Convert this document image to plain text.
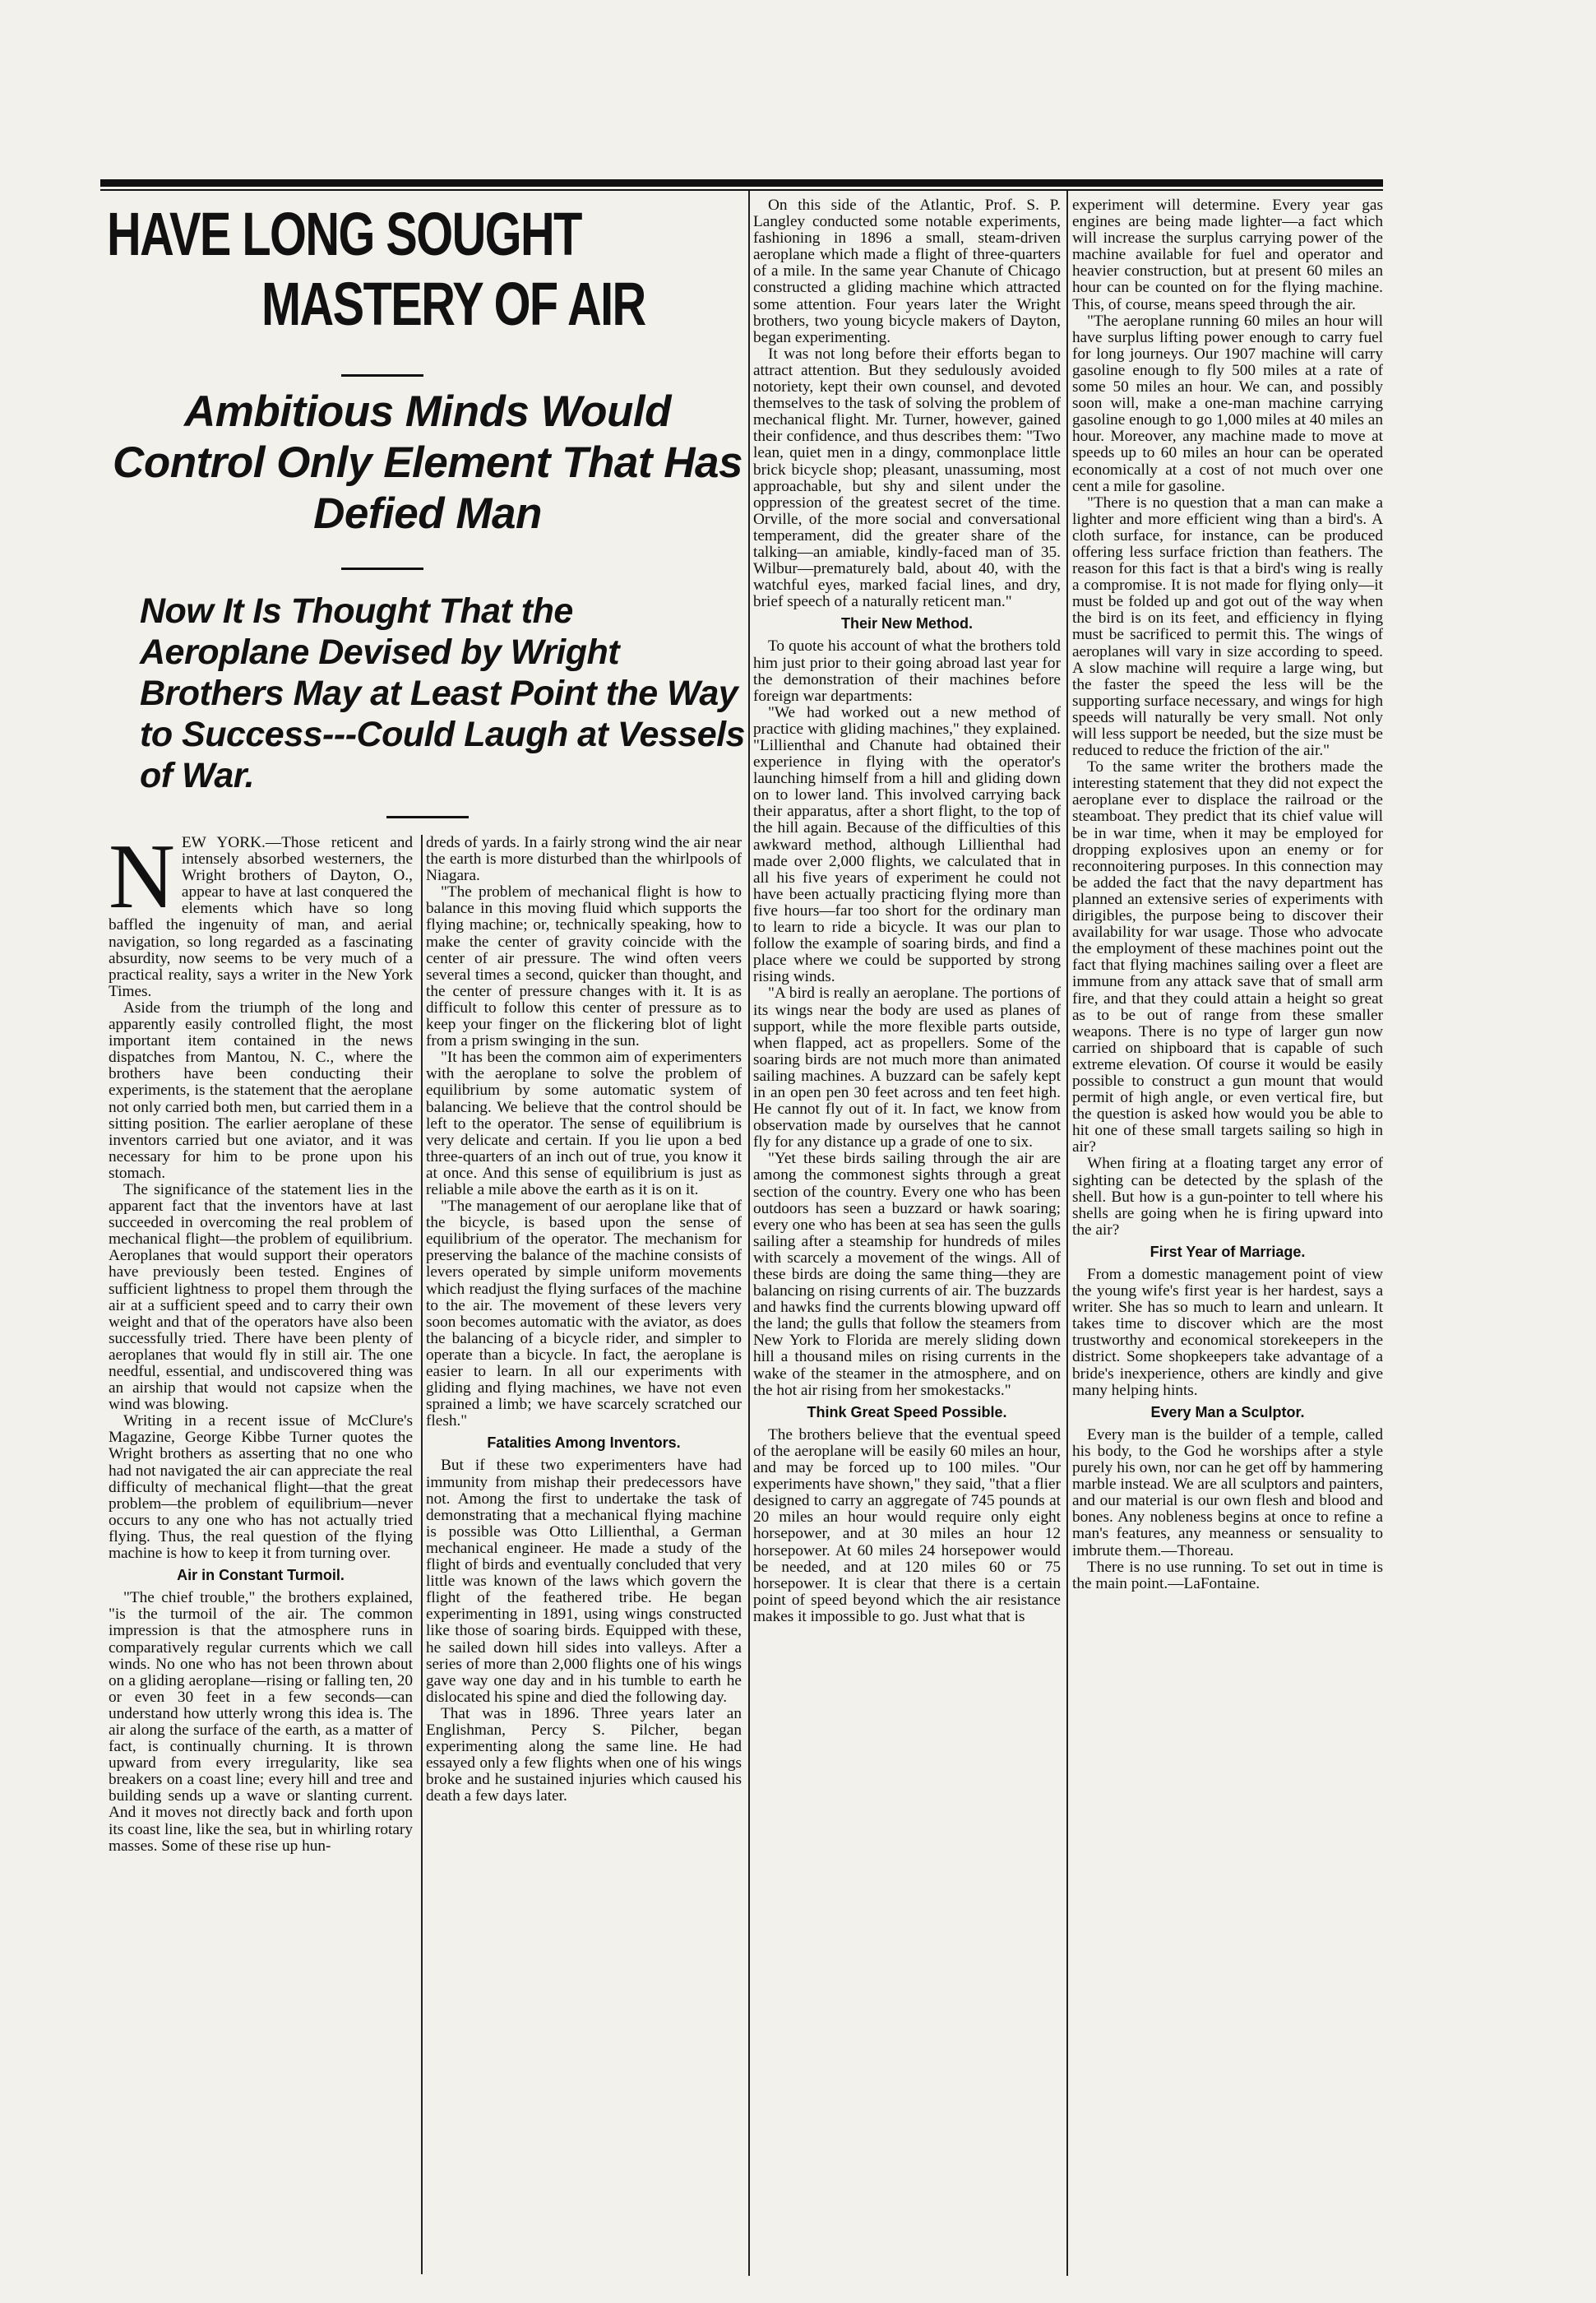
HAVE LONG SOUGHT
MASTERY OF AIR
Ambitious Minds Would Control Only Element That Has Defied Man
Now It Is Thought That the Aeroplane Devised by Wright Brothers May at Least Point the Way to Success---Could Laugh at Vessels of War.

NEW YORK.—Those reticent and intensely absorbed westerners, the Wright brothers of Dayton, O., appear to have at last conquered the elements which have so long baffled the ingenuity of man, and aerial navigation, so long regarded as a fascinating absurdity, now seems to be very much of a practical reality, says a writer in the New York Times.

Aside from the triumph of the long and apparently easily controlled flight, the most important item contained in the news dispatches from Mantou, N. C., where the brothers have been conducting their experiments, is the statement that the aeroplane not only carried both men, but carried them in a sitting position. The earlier aeroplane of these inventors carried but one aviator, and it was necessary for him to be prone upon his stomach.

The significance of the statement lies in the apparent fact that the inventors have at last succeeded in overcoming the real problem of mechanical flight—the problem of equilibrium. Aeroplanes that would support their operators have previously been tested. Engines of sufficient lightness to propel them through the air at a sufficient speed and to carry their own weight and that of the operators have also been successfully tried. There have been plenty of aeroplanes that would fly in still air. The one needful, essential, and undiscovered thing was an airship that would not capsize when the wind was blowing.

Writing in a recent issue of McClure's Magazine, George Kibbe Turner quotes the Wright brothers as asserting that no one who had not navigated the air can appreciate the real difficulty of mechanical flight—that the great problem—the problem of equilibrium—never occurs to any one who has not actually tried flying. Thus, the real question of the flying machine is how to keep it from turning over.

Air in Constant Turmoil.

"The chief trouble," the brothers explained, "is the turmoil of the air. The common impression is that the atmosphere runs in comparatively regular currents which we call winds. No one who has not been thrown about on a gliding aeroplane—rising or falling ten, 20 or even 30 feet in a few seconds—can understand how utterly wrong this idea is. The air along the surface of the earth, as a matter of fact, is continually churning. It is thrown upward from every irregularity, like sea breakers on a coast line; every hill and tree and building sends up a wave or slanting current. And it moves not directly back and forth upon its coast line, like the sea, but in whirling rotary masses. Some of these rise up hun-

dreds of yards. In a fairly strong wind the air near the earth is more disturbed than the whirlpools of Niagara.

"The problem of mechanical flight is how to balance in this moving fluid which supports the flying machine; or, technically speaking, how to make the center of gravity coincide with the center of air pressure. The wind often veers several times a second, quicker than thought, and the center of pressure changes with it. It is as difficult to follow this center of pressure as to keep your finger on the flickering blot of light from a prism swinging in the sun.

"It has been the common aim of experimenters with the aeroplane to solve the problem of equilibrium by some automatic system of balancing. We believe that the control should be left to the operator. The sense of equilibrium is very delicate and certain. If you lie upon a bed three-quarters of an inch out of true, you know it at once. And this sense of equilibrium is just as reliable a mile above the earth as it is on it.

"The management of our aeroplane like that of the bicycle, is based upon the sense of equilibrium of the operator. The mechanism for preserving the balance of the machine consists of levers operated by simple uniform movements which readjust the flying surfaces of the machine to the air. The movement of these levers very soon becomes automatic with the aviator, as does the balancing of a bicycle rider, and simpler to operate than a bicycle. In fact, the aeroplane is easier to learn. In all our experiments with gliding and flying machines, we have not even sprained a limb; we have scarcely scratched our flesh."

Fatalities Among Inventors.

But if these two experimenters have had immunity from mishap their predecessors have not. Among the first to undertake the task of demonstrating that a mechanical flying machine is possible was Otto Lillienthal, a German mechanical engineer. He made a study of the flight of birds and eventually concluded that very little was known of the laws which govern the flight of the feathered tribe. He began experimenting in 1891, using wings constructed like those of soaring birds. Equipped with these, he sailed down hill sides into valleys. After a series of more than 2,000 flights one of his wings gave way one day and in his tumble to earth he dislocated his spine and died the following day.

That was in 1896. Three years later an Englishman, Percy S. Pilcher, began experimenting along the same line. He had essayed only a few flights when one of his wings broke and he sustained injuries which caused his death a few days later.

On this side of the Atlantic, Prof. S. P. Langley conducted some notable experiments, fashioning in 1896 a small, steam-driven aeroplane which made a flight of three-quarters of a mile. In the same year Chanute of Chicago constructed a gliding machine which attracted some attention. Four years later the Wright brothers, two young bicycle makers of Dayton, began experimenting.

It was not long before their efforts began to attract attention. But they sedulously avoided notoriety, kept their own counsel, and devoted themselves to the task of solving the problem of mechanical flight. Mr. Turner, however, gained their confidence, and thus describes them: "Two lean, quiet men in a dingy, commonplace little brick bicycle shop; pleasant, unassuming, most approachable, but shy and silent under the oppression of the greatest secret of the time. Orville, of the more social and conversational temperament, did the greater share of the talking—an amiable, kindly-faced man of 35. Wilbur—prematurely bald, about 40, with the watchful eyes, marked facial lines, and dry, brief speech of a naturally reticent man."

Their New Method.

To quote his account of what the brothers told him just prior to their going abroad last year for the demonstration of their machines before foreign war departments:

"We had worked out a new method of practice with gliding machines," they explained. "Lillienthal and Chanute had obtained their experience in flying with the operator's launching himself from a hill and gliding down on to lower land. This involved carrying back their apparatus, after a short flight, to the top of the hill again. Because of the difficulties of this awkward method, although Lillienthal had made over 2,000 flights, we calculated that in all his five years of experiment he could not have been actually practicing flying more than five hours—far too short for the ordinary man to learn to ride a bicycle. It was our plan to follow the example of soaring birds, and find a place where we could be supported by strong rising winds.

"A bird is really an aeroplane. The portions of its wings near the body are used as planes of support, while the more flexible parts outside, when flapped, act as propellers. Some of the soaring birds are not much more than animated sailing machines. A buzzard can be safely kept in an open pen 30 feet across and ten feet high. He cannot fly out of it. In fact, we know from observation made by ourselves that he cannot fly for any distance up a grade of one to six.

"Yet these birds sailing through the air are among the commonest sights through a great section of the country. Every one who has been outdoors has seen a buzzard or hawk soaring; every one who has been at sea has seen the gulls sailing after a steamship for hundreds of miles with scarcely a movement of the wings. All of these birds are doing the same thing—they are balancing on rising currents of air. The buzzards and hawks find the currents blowing upward off the land; the gulls that follow the steamers from New York to Florida are merely sliding down hill a thousand miles on rising currents in the wake of the steamer in the atmosphere, and on the hot air rising from her smokestacks."

Think Great Speed Possible.

The brothers believe that the eventual speed of the aeroplane will be easily 60 miles an hour, and may be forced up to 100 miles. "Our experiments have shown," they said, "that a flier designed to carry an aggregate of 745 pounds at 20 miles an hour would require only eight horsepower, and at 30 miles an hour 12 horsepower. At 60 miles 24 horsepower would be needed, and at 120 miles 60 or 75 horsepower. It is clear that there is a certain point of speed beyond which the air resistance makes it impossible to go. Just what that is

experiment will determine. Every year gas engines are being made lighter—a fact which will increase the surplus carrying power of the machine available for fuel and operator and heavier construction, but at present 60 miles an hour can be counted on for the flying machine. This, of course, means speed through the air.

"The aeroplane running 60 miles an hour will have surplus lifting power enough to carry fuel for long journeys. Our 1907 machine will carry gasoline enough to fly 500 miles at a rate of some 50 miles an hour. We can, and possibly soon will, make a one-man machine carrying gasoline enough to go 1,000 miles at 40 miles an hour. Moreover, any machine made to move at speeds up to 60 miles an hour can be operated economically at a cost of not much over one cent a mile for gasoline.

"There is no question that a man can make a lighter and more efficient wing than a bird's. A cloth surface, for instance, can be produced offering less surface friction than feathers. The reason for this fact is that a bird's wing is really a compromise. It is not made for flying only—it must be folded up and got out of the way when the bird is on its feet, and efficiency in flying must be sacrificed to permit this. The wings of aeroplanes will vary in size according to speed. A slow machine will require a large wing, but the faster the speed the less will be the supporting surface necessary, and wings for high speeds will naturally be very small. Not only will less support be needed, but the size must be reduced to reduce the friction of the air."

To the same writer the brothers made the interesting statement that they did not expect the aeroplane ever to displace the railroad or the steamboat. They predict that its chief value will be in war time, when it may be employed for dropping explosives upon an enemy or for reconnoitering purposes. In this connection may be added the fact that the navy department has planned an extensive series of experiments with dirigibles, the purpose being to discover their availability for war usage. Those who advocate the employment of these machines point out the fact that flying machines sailing over a fleet are immune from any attack save that of small arm fire, and that they could attain a height so great as to be out of range from these smaller weapons. There is no type of larger gun now carried on shipboard that is capable of such extreme elevation. Of course it would be easily possible to construct a gun mount that would permit of high angle, or even vertical fire, but the question is asked how would you be able to hit one of these small targets sailing so high in air?

When firing at a floating target any error of sighting can be detected by the splash of the shell. But how is a gun-pointer to tell where his shells are going when he is firing upward into the air?

First Year of Marriage.

From a domestic management point of view the young wife's first year is her hardest, says a writer. She has so much to learn and unlearn. It takes time to discover which are the most trustworthy and economical storekeepers in the district. Some shopkeepers take advantage of a bride's inexperience, others are kindly and give many helping hints.

Every Man a Sculptor.

Every man is the builder of a temple, called his body, to the God he worships after a style purely his own, nor can he get off by hammering marble instead. We are all sculptors and painters, and our material is our own flesh and blood and bones. Any nobleness begins at once to refine a man's features, any meanness or sensuality to imbrute them.—Thoreau.

There is no use running. To set out in time is the main point.—LaFontaine.
